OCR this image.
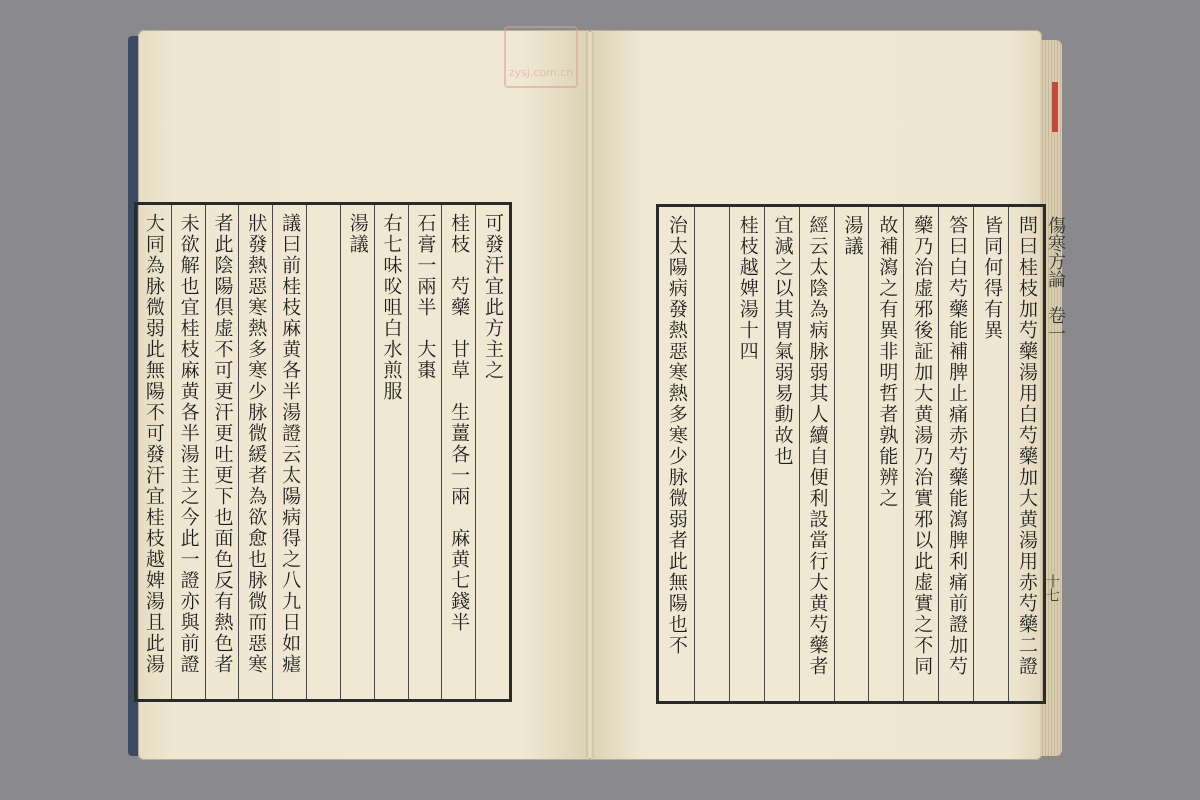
zysj.com.cn
可發汗宜此方主之
桂枝　芍藥　甘草　生薑各一兩　麻黄七錢半
石膏一兩半　大棗
右七味㕮咀白水煎服
湯議
議曰前桂枝麻黄各半湯證云太陽病得之八九日如瘧
狀發熱惡寒熱多寒少脉微緩者為欲愈也脉微而惡寒
者此陰陽倶虚不可更汗更吐更下也面色反有熱色者
未欲解也宜桂枝麻黄各半湯主之今此一證亦與前證
大同為脉微弱此無陽不可發汗宜桂枝越婢湯且此湯	問曰桂枝加芍藥湯用白芍藥加大黄湯用赤芍藥二證
皆同何得有異
答曰白芍藥能補脾止痛赤芍藥能瀉脾利痛前證加芍
藥乃治虚邪後証加大黄湯乃治實邪以此虚實之不同
故補瀉之有異非明哲者孰能辨之
湯議
經云太陰為病脉弱其人續自便利設當行大黄芍藥者
宜減之以其胃氣弱易動故也
桂枝越婢湯十四
治太陽病發熱惡寒熱多寒少脉微弱者此無陽也不	傷寒方論　卷一
十七
